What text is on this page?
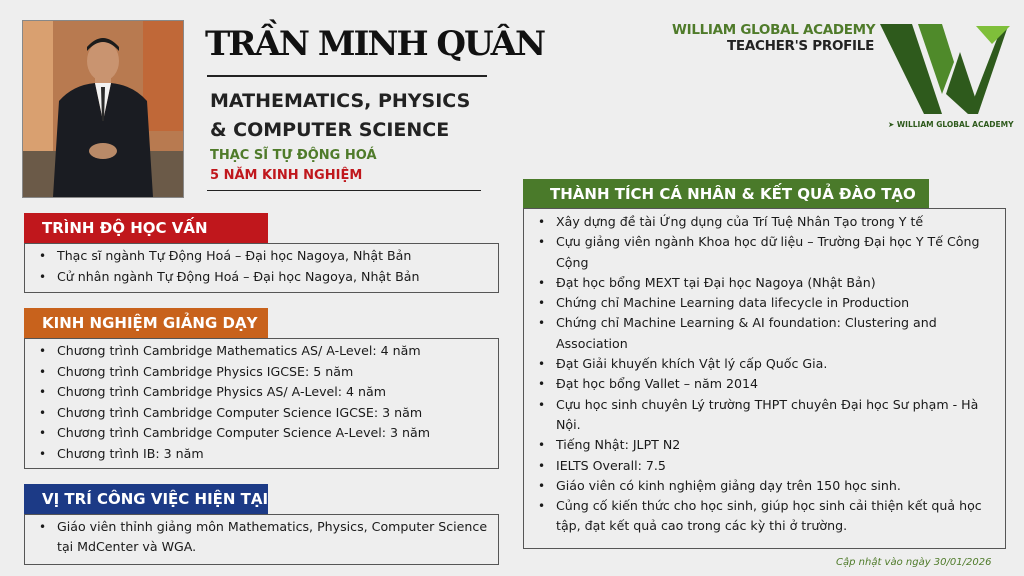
TRẦN MINH QUÂN
MATHEMATICS, PHYSICS
& COMPUTER SCIENCE
THẠC SĨ TỰ ĐỘNG HOÁ
5 NĂM KINH NGHIỆM
WILLIAM GLOBAL ACADEMY
TEACHER'S PROFILE
➤ WILLIAM GLOBAL ACADEMY
TRÌNH ĐỘ HỌC VẤN
• Thạc sĩ ngành Tự Động Hoá – Đại học Nagoya, Nhật Bản
• Cử nhân ngành Tự Động Hoá – Đại học Nagoya, Nhật Bản
KINH NGHIỆM GIẢNG DẠY
• Chương trình Cambridge Mathematics AS/ A-Level: 4 năm
• Chương trình Cambridge Physics IGCSE: 5 năm
• Chương trình Cambridge Physics AS/ A-Level: 4 năm
• Chương trình Cambridge Computer Science IGCSE: 3 năm
• Chương trình Cambridge Computer Science A-Level: 3 năm
• Chương trình IB: 3 năm
VỊ TRÍ CÔNG VIỆC HIỆN TẠI
• Giáo viên thỉnh giảng môn Mathematics, Physics, Computer Science tại MdCenter và WGA.
THÀNH TÍCH CÁ NHÂN & KẾT QUẢ ĐÀO TẠO
• Xây dựng đề tài Ứng dụng của Trí Tuệ Nhân Tạo trong Y tế
• Cựu giảng viên ngành Khoa học dữ liệu – Trường Đại học Y Tế Công Cộng
• Đạt học bổng MEXT tại Đại học Nagoya (Nhật Bản)
• Chứng chỉ Machine Learning data lifecycle in Production
• Chứng chỉ Machine Learning & AI foundation: Clustering and Association
• Đạt Giải khuyến khích Vật lý cấp Quốc Gia.
• Đạt học bổng Vallet – năm 2014
• Cựu học sinh chuyên Lý trường THPT chuyên Đại học Sư phạm - Hà Nội.
• Tiếng Nhật: JLPT N2
• IELTS Overall: 7.5
• Giáo viên có kinh nghiệm giảng dạy trên 150 học sinh.
• Củng cố kiến thức cho học sinh, giúp học sinh cải thiện kết quả học tập, đạt kết quả cao trong các kỳ thi ở trường.
Cập nhật vào ngày 30/01/2026
